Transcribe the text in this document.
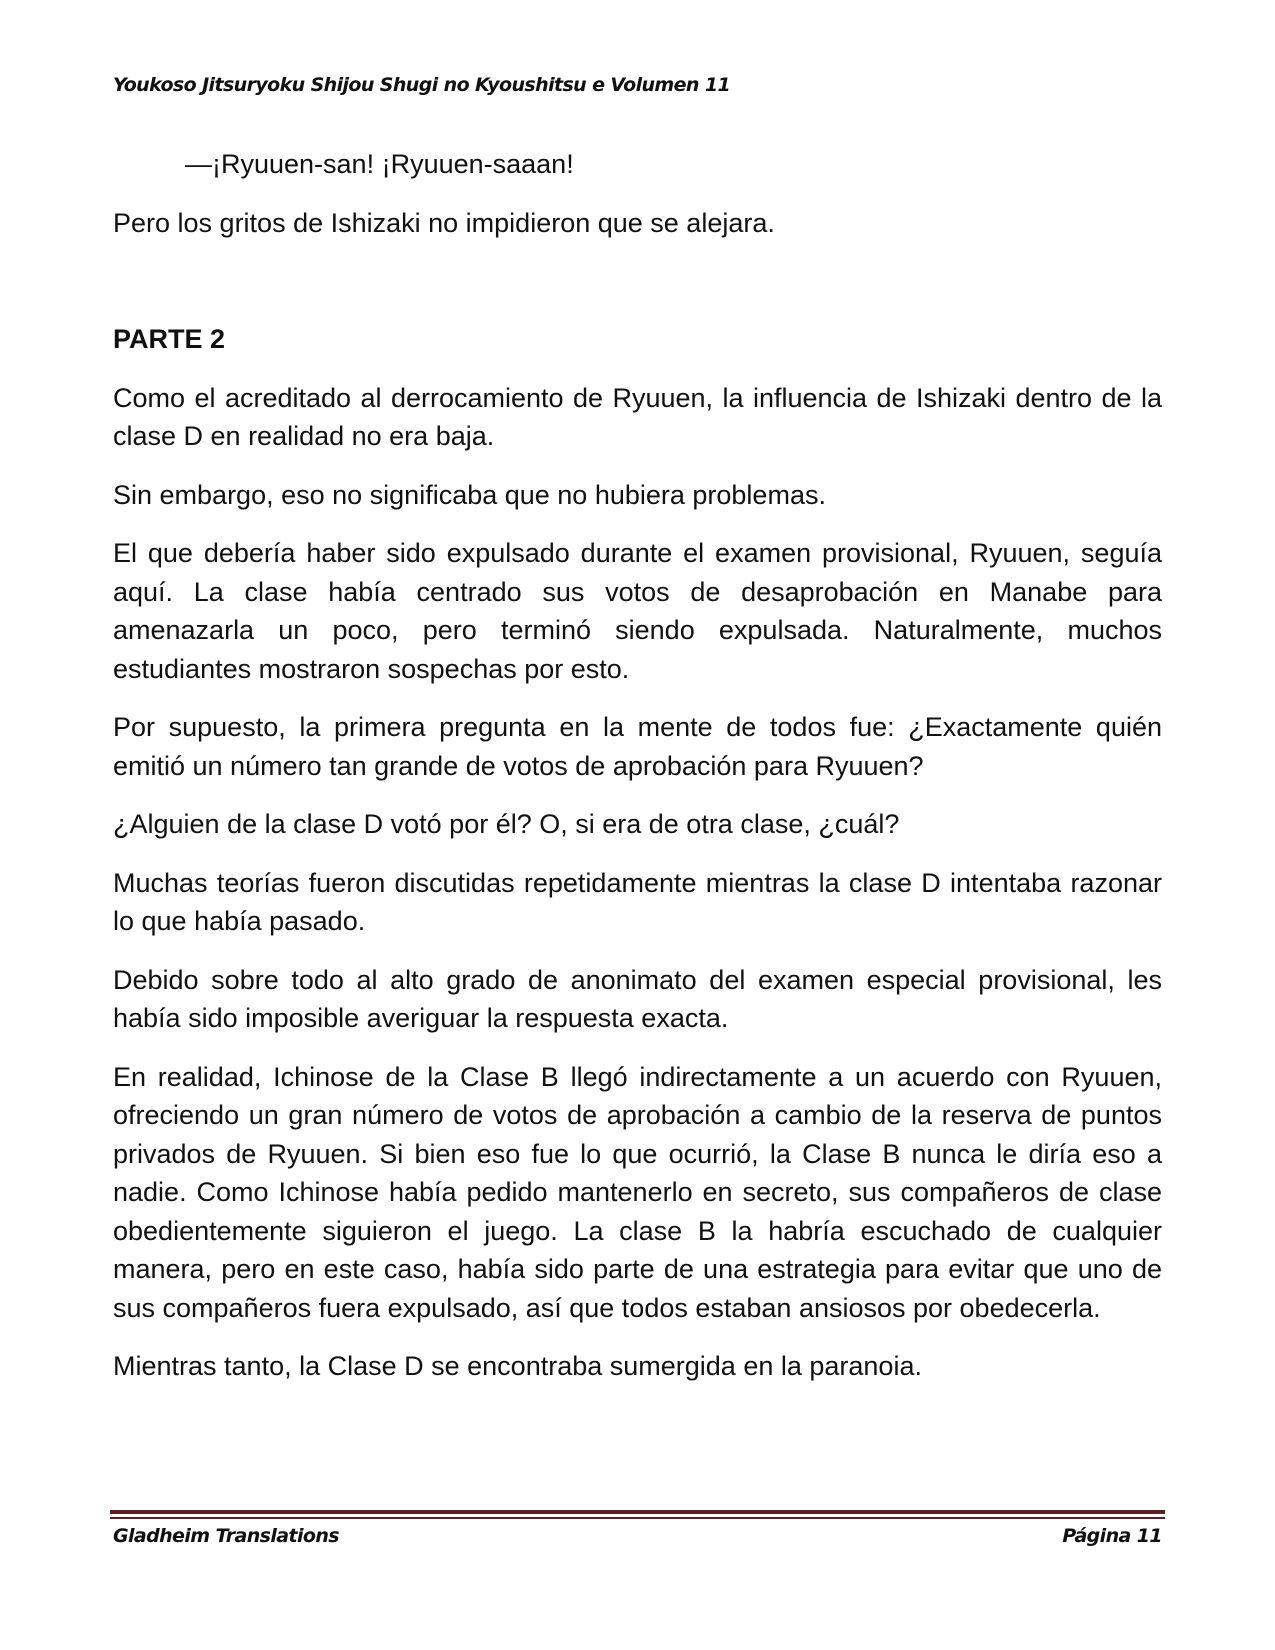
Youkoso Jitsuryoku Shijou Shugi no Kyoushitsu e Volumen 11

—¡Ryuuen-san! ¡Ryuuen-saaan!

Pero los gritos de Ishizaki no impidieron que se alejara.

PARTE 2

Como el acreditado al derrocamiento de Ryuuen, la influencia de Ishizaki dentro de la clase D en realidad no era baja.

Sin embargo, eso no significaba que no hubiera problemas.

El que debería haber sido expulsado durante el examen provisional, Ryuuen, seguía aquí. La clase había centrado sus votos de desaprobación en Manabe para amenazarla un poco, pero terminó siendo expulsada. Naturalmente, muchos estudiantes mostraron sospechas por esto.

Por supuesto, la primera pregunta en la mente de todos fue: ¿Exactamente quién emitió un número tan grande de votos de aprobación para Ryuuen?

¿Alguien de la clase D votó por él? O, si era de otra clase, ¿cuál?

Muchas teorías fueron discutidas repetidamente mientras la clase D intentaba razonar lo que había pasado.

Debido sobre todo al alto grado de anonimato del examen especial provisional, les había sido imposible averiguar la respuesta exacta.

En realidad, Ichinose de la Clase B llegó indirectamente a un acuerdo con Ryuuen, ofreciendo un gran número de votos de aprobación a cambio de la reserva de puntos privados de Ryuuen. Si bien eso fue lo que ocurrió, la Clase B nunca le diría eso a nadie. Como Ichinose había pedido mantenerlo en secreto, sus compañeros de clase obedientemente siguieron el juego. La clase B la habría escuchado de cualquier manera, pero en este caso, había sido parte de una estrategia para evitar que uno de sus compañeros fuera expulsado, así que todos estaban ansiosos por obedecerla.

Mientras tanto, la Clase D se encontraba sumergida en la paranoia.

Gladheim Translations	Página 11
